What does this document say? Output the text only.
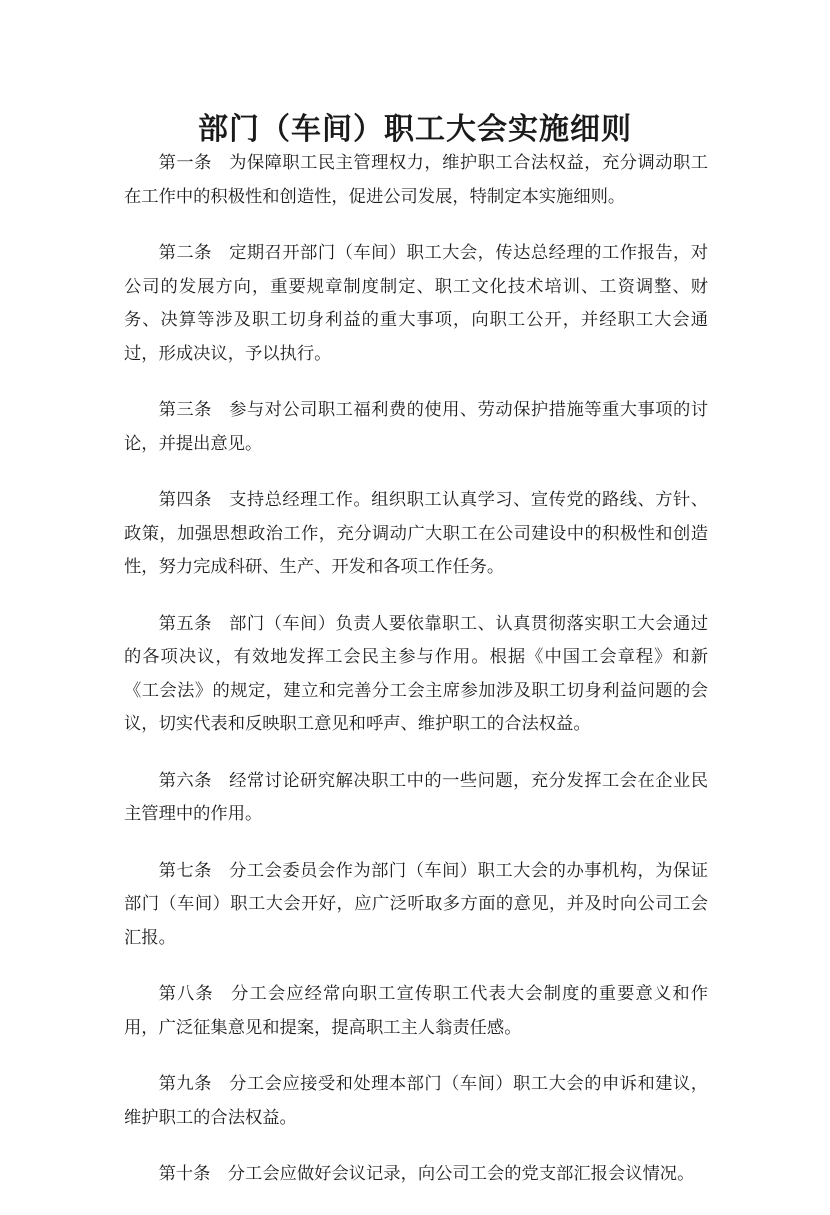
部门（车间）职工大会实施细则

第一条 为保障职工民主管理权力，维护职工合法权益，充分调动职工在工作中的积极性和创造性，促进公司发展，特制定本实施细则。

第二条 定期召开部门（车间）职工大会，传达总经理的工作报告，对公司的发展方向，重要规章制度制定、职工文化技术培训、工资调整、财务、决算等涉及职工切身利益的重大事项，向职工公开，并经职工大会通过，形成决议，予以执行。

第三条 参与对公司职工福利费的使用、劳动保护措施等重大事项的讨论，并提出意见。

第四条 支持总经理工作。组织职工认真学习、宣传党的路线、方针、政策，加强思想政治工作，充分调动广大职工在公司建设中的积极性和创造性，努力完成科研、生产、开发和各项工作任务。

第五条 部门（车间）负责人要依靠职工、认真贯彻落实职工大会通过的各项决议，有效地发挥工会民主参与作用。根据《中国工会章程》和新《工会法》的规定，建立和完善分工会主席参加涉及职工切身利益问题的会议，切实代表和反映职工意见和呼声、维护职工的合法权益。

第六条 经常讨论研究解决职工中的一些问题，充分发挥工会在企业民主管理中的作用。

第七条 分工会委员会作为部门（车间）职工大会的办事机构，为保证部门（车间）职工大会开好，应广泛听取多方面的意见，并及时向公司工会汇报。

第八条 分工会应经常向职工宣传职工代表大会制度的重要意义和作用，广泛征集意见和提案，提高职工主人翁责任感。

第九条 分工会应接受和处理本部门（车间）职工大会的申诉和建议，维护职工的合法权益。

第十条 分工会应做好会议记录，向公司工会的党支部汇报会议情况。
